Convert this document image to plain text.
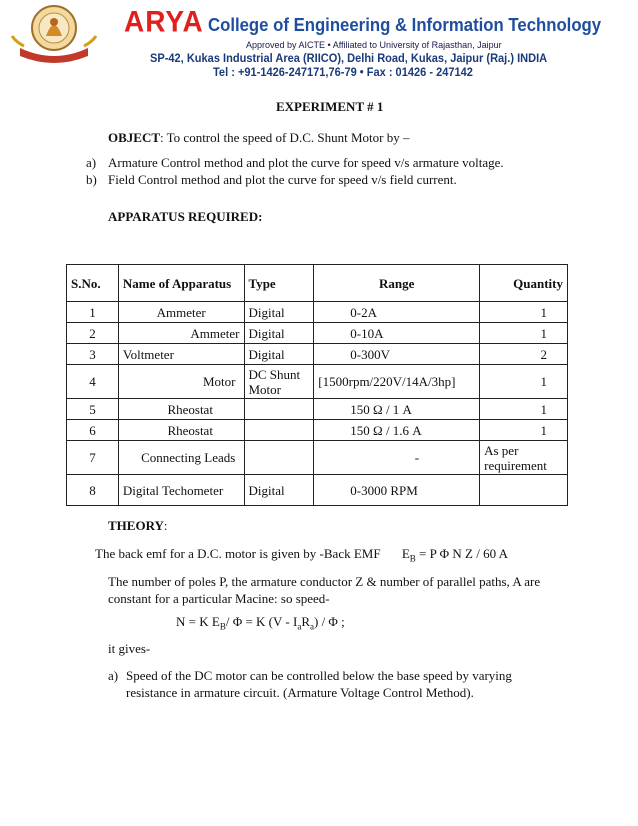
ARYA College of Engineering & Information Technology
Approved by AICTE • Affiliated to University of Rajasthan, Jaipur
SP-42, Kukas Industrial Area (RIICO), Delhi Road, Kukas, Jaipur (Raj.) INDIA
Tel : +91-1426-247171,76-79 • Fax : 01426 - 247142
EXPERIMENT # 1
OBJECT: To control the speed of D.C. Shunt Motor by –
a) Armature Control method and plot the curve for speed v/s armature voltage.
b) Field Control method and plot the curve for speed v/s field current.
APPARATUS REQUIRED:
S.No.	Name of Apparatus	Type	Range	Quantity
1	Ammeter	Digital	0-2A	1
2	Ammeter	Digital	0-10A	1
3	Voltmeter	Digital	0-300V	2
4	Motor	DC Shunt Motor	[1500rpm/220V/14A/3hp]	1
5	Rheostat		150 Ω / 1 A	1
6	Rheostat		150 Ω / 1.6 A	1
7	Connecting Leads		-	As per requirement
8	Digital Techometer	Digital	0-3000 RPM	
THEORY:
The back emf for a D.C. motor is given by -Back EMF $E_B = P$ Φ N Z / 60 A
The number of poles P, the armature conductor Z & number of parallel paths, A are
constant for a particular Macine: so speed-
N = K $E_B/$ Φ = K $(V - I_aR_a)$ / Φ ;
it gives-
a) Speed of the DC motor can be controlled below the base speed by varying
resistance in armature circuit. (Armature Voltage Control Method).
